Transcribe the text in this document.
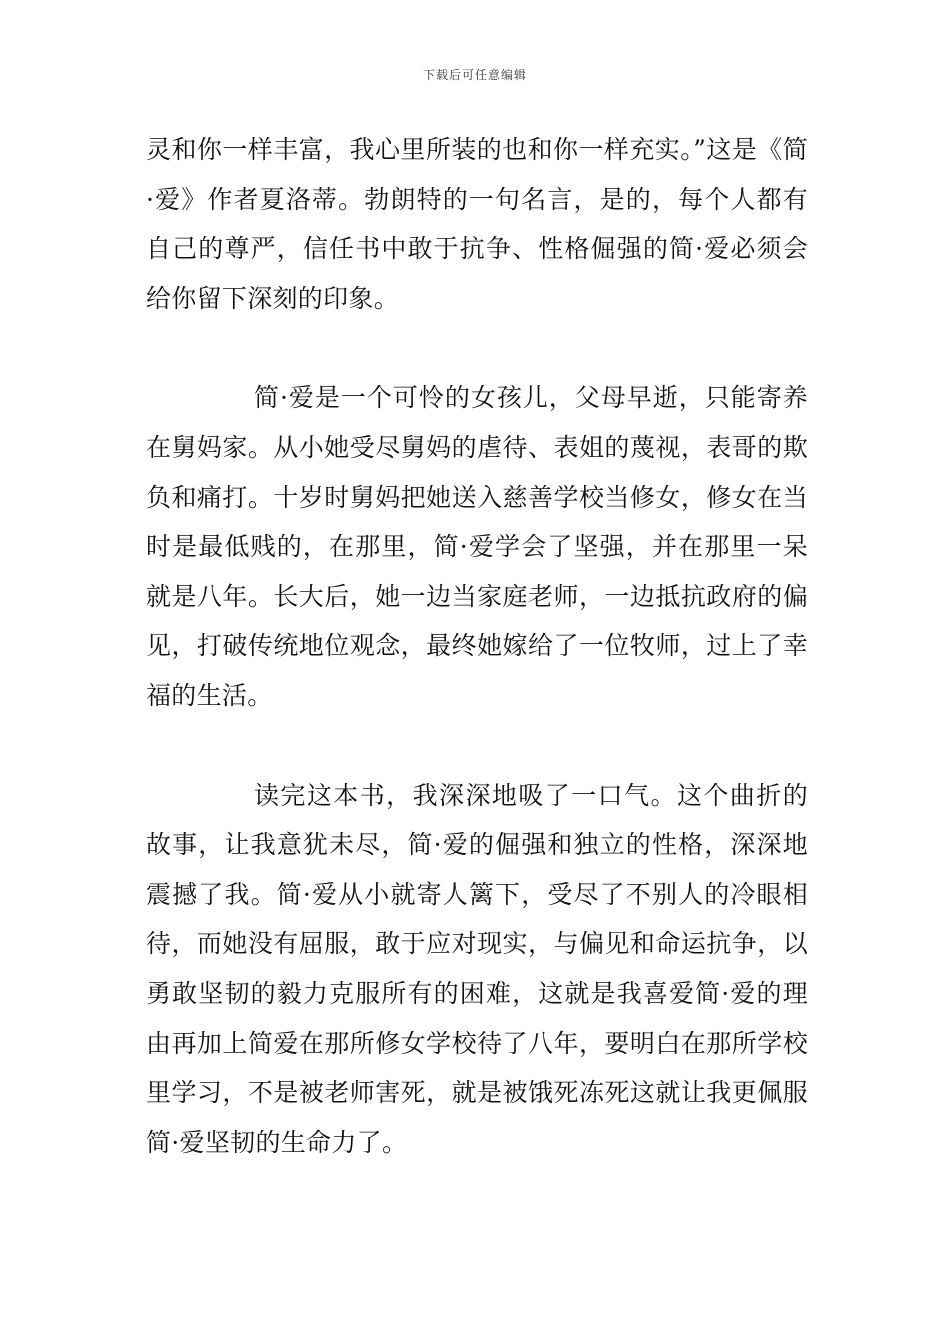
下载后可任意编辑

灵和你一样丰富，我心里所装的也和你一样充实。”这是《简·爱》作者夏洛蒂。勃朗特的一句名言，是的，每个人都有自己的尊严，信任书中敢于抗争、性格倔强的简·爱必须会给你留下深刻的印象。

简·爱是一个可怜的女孩儿，父母早逝，只能寄养在舅妈家。从小她受尽舅妈的虐待、表姐的蔑视，表哥的欺负和痛打。十岁时舅妈把她送入慈善学校当修女，修女在当时是最低贱的，在那里，简·爱学会了坚强，并在那里一呆就是八年。长大后，她一边当家庭老师，一边抵抗政府的偏见，打破传统地位观念，最终她嫁给了一位牧师，过上了幸福的生活。

读完这本书，我深深地吸了一口气。这个曲折的故事，让我意犹未尽，简·爱的倔强和独立的性格，深深地震撼了我。简·爱从小就寄人篱下，受尽了不别人的冷眼相待，而她没有屈服，敢于应对现实，与偏见和命运抗争，以勇敢坚韧的毅力克服所有的困难，这就是我喜爱简·爱的理由再加上简爱在那所修女学校待了八年，要明白在那所学校里学习，不是被老师害死，就是被饿死冻死这就让我更佩服简·爱坚韧的生命力了。
